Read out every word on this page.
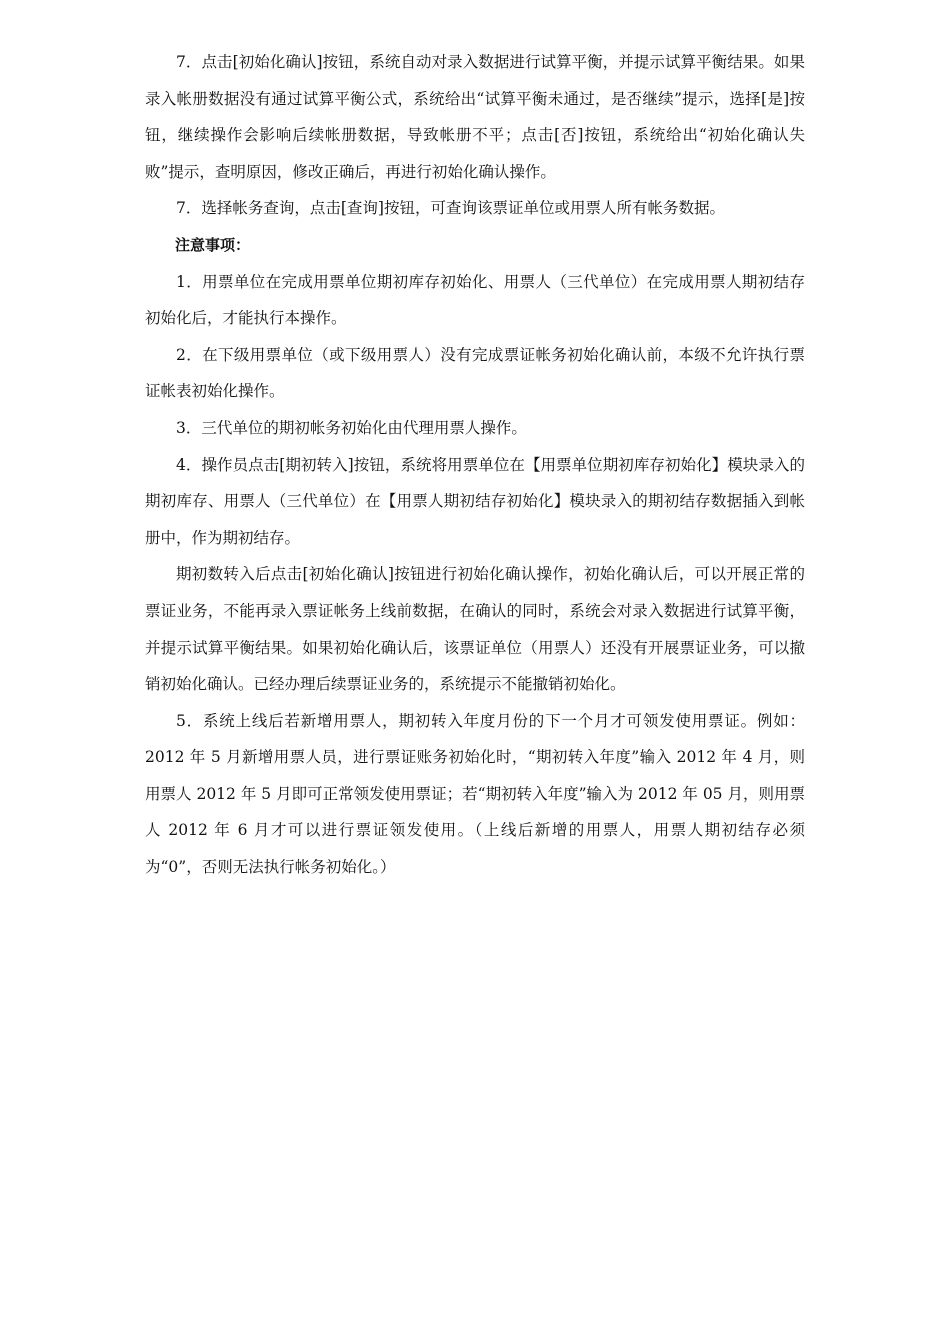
7．点击[初始化确认]按钮，系统自动对录入数据进行试算平衡，并提示试算平衡结果。如果录入帐册数据没有通过试算平衡公式，系统给出“试算平衡未通过，是否继续”提示，选择[是]按钮，继续操作会影响后续帐册数据，导致帐册不平；点击[否]按钮，系统给出“初始化确认失败”提示，查明原因，修改正确后，再进行初始化确认操作。

7．选择帐务查询，点击[查询]按钮，可查询该票证单位或用票人所有帐务数据。

注意事项：

1．用票单位在完成用票单位期初库存初始化、用票人（三代单位）在完成用票人期初结存初始化后，才能执行本操作。

2．在下级用票单位（或下级用票人）没有完成票证帐务初始化确认前，本级不允许执行票证帐表初始化操作。

3．三代单位的期初帐务初始化由代理用票人操作。

4．操作员点击[期初转入]按钮，系统将用票单位在【用票单位期初库存初始化】模块录入的期初库存、用票人（三代单位）在【用票人期初结存初始化】模块录入的期初结存数据插入到帐册中，作为期初结存。

期初数转入后点击[初始化确认]按钮进行初始化确认操作，初始化确认后，可以开展正常的票证业务，不能再录入票证帐务上线前数据，在确认的同时，系统会对录入数据进行试算平衡，并提示试算平衡结果。如果初始化确认后，该票证单位（用票人）还没有开展票证业务，可以撤销初始化确认。已经办理后续票证业务的，系统提示不能撤销初始化。

5．系统上线后若新增用票人，期初转入年度月份的下一个月才可领发使用票证。例如：2012 年 5 月新增用票人员，进行票证账务初始化时，“期初转入年度”输入 2012 年 4 月，则用票人 2012 年 5 月即可正常领发使用票证；若“期初转入年度”输入为 2012 年 05 月，则用票人 2012 年 6 月才可以进行票证领发使用。（上线后新增的用票人，用票人期初结存必须为“0”，否则无法执行帐务初始化。）
